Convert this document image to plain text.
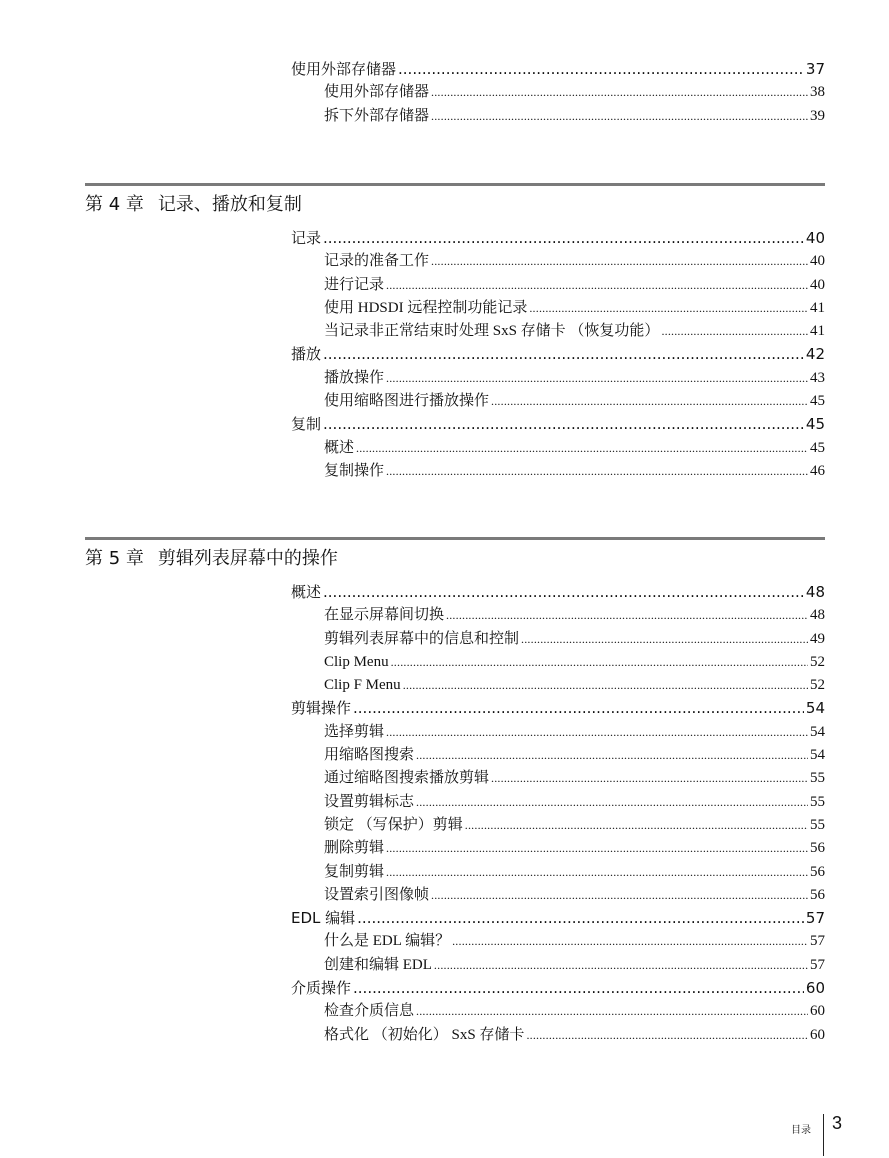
使用外部存储器 .....	37
使用外部存储器 .....	38
拆下外部存储器 .....	39
第 4 章 记录、播放和复制
记录 .....	40
记录的准备工作 .....	40
进行记录 .....	40
使用 HDSDI 远程控制功能记录 .....	41
当记录非正常结束时处理 SxS 存储卡 （恢复功能） .....	41
播放 .....	42
播放操作 .....	43
使用缩略图进行播放操作 .....	45
复制 .....	45
概述 .....	45
复制操作 .....	46
第 5 章 剪辑列表屏幕中的操作
概述 .....	48
在显示屏幕间切换 .....	48
剪辑列表屏幕中的信息和控制 .....	49
Clip Menu .....	52
Clip F Menu .....	52
剪辑操作 .....	54
选择剪辑 .....	54
用缩略图搜索 .....	54
通过缩略图搜索播放剪辑 .....	55
设置剪辑标志 .....	55
锁定 （写保护）剪辑 .....	55
删除剪辑 .....	56
复制剪辑 .....	56
设置索引图像帧 .....	56
EDL 编辑 .....	57
什么是 EDL 编辑？ .....	57
创建和编辑 EDL .....	57
介质操作 .....	60
检查介质信息 .....	60
格式化 （初始化） SxS 存储卡 .....	60
目录 3
